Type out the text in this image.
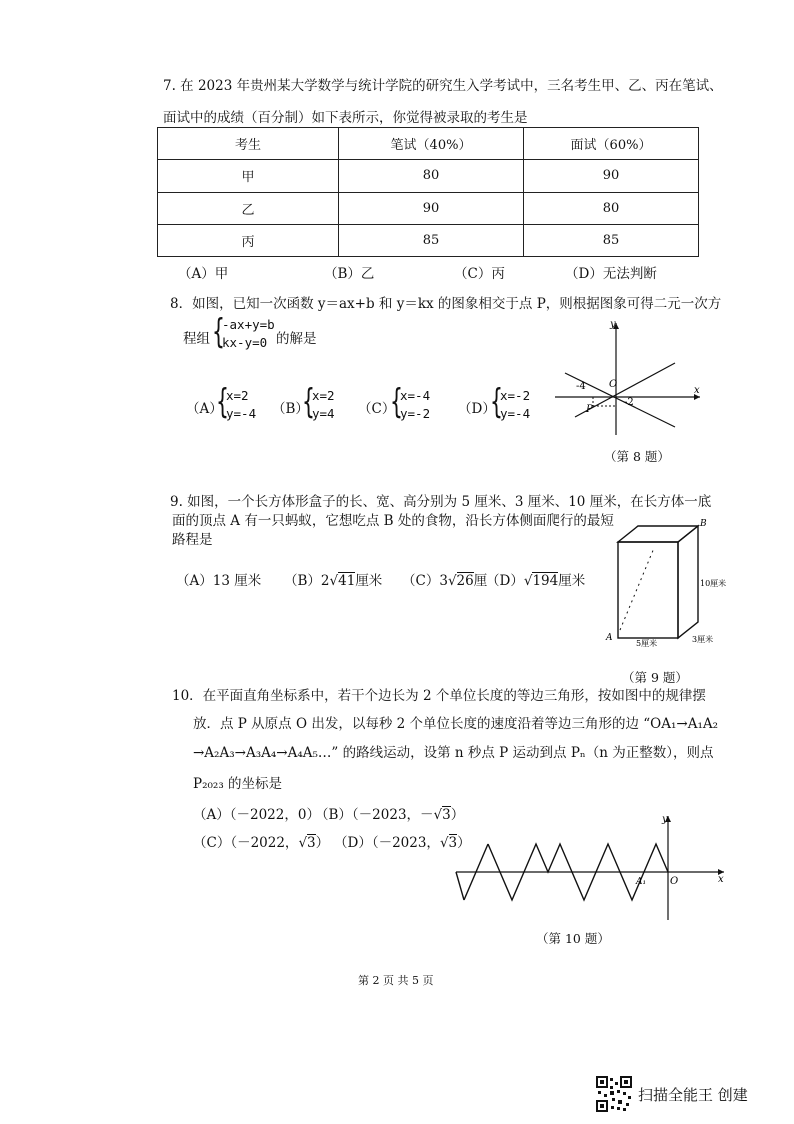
7. 在 2023 年贵州某大学数学与统计学院的研究生入学考试中，三名考生甲、乙、丙在笔试、
面试中的成绩（百分制）如下表所示，你觉得被录取的考生是
考生	笔试（40%）	面试（60%）
甲	80	90
乙	90	80
丙	85	85
（A）甲	（B）乙	（C）丙	（D）无法判断
8．如图，已知一次函数 y＝ax+b 和 y＝kx 的图象相交于点 P，则根据图象可得二元一次方
程组 {
-ax+y=b
kx-y=0 的解是
（A）
{
x=2
y=-4 （B）
{
x=2
y=4 （C）
{
x=-4
y=-2 （D）
{
x=-2
y=-4
y
x
O
P
-4
-2
（第 8 题）
9. 如图，一个长方体形盒子的长、宽、高分别为 5 厘米、3 厘米、10 厘米，在长方体一底
面的顶点 A 有一只蚂蚁，它想吃点 B 处的食物，沿长方体侧面爬行的最短
路程是
（A）13 厘米 （B）2√41厘米 （C）3√26厘
（D）√194厘米
A
B
10厘米
5厘米	3厘米
（第 9 题）
10．在平面直角坐标系中，若干个边长为 2 个单位长度的等边三角形，按如图中的规律摆
放．点 P 从原点 O 出发，以每秒 2 个单位长度的速度沿着等边三角形的边 “OA₁→A₁A₂
→A₂A₃→A₃A₄→A₄A₅…” 的路线运动，设第 n 秒点 P 运动到点 Pₙ（n 为正整数），则点
P₂₀₂₃ 的坐标是
（A）（－2022，0）
（B）（－2023，－√3）
（C）（－2022，√3） （D）（－2023，√3）
y
x
O
A₁
（第 10 题）
第 2 页 共 5 页
扫描全能王 创建
